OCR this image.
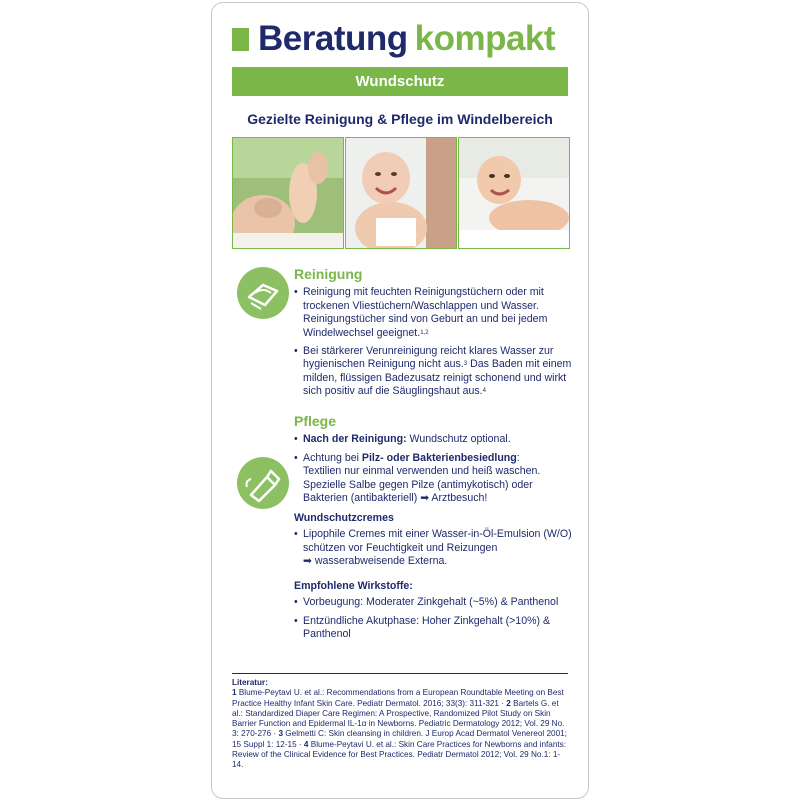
Beratung kompakt
Wundschutz
Gezielte Reinigung & Pflege im Windelbereich
Reinigung
• Reinigung mit feuchten Reinigungstüchern oder mit trockenen Vliestüchern/Waschlappen und Wasser. Reinigungstücher sind von Geburt an und bei jedem Windelwechsel geeignet.$^{1,2}$
• Bei stärkerer Verunreinigung reicht klares Wasser zur hygienischen Reinigung nicht aus.$^3$ Das Baden mit einem milden, flüssigen Badezusatz reinigt schonend und wirkt sich positiv auf die Säuglingshaut aus.$^4$
Pflege
• Nach der Reinigung: Wundschutz optional.
• Achtung bei Pilz- oder Bakterienbesiedlung:
Textilien nur einmal verwenden und heiß waschen.
Spezielle Salbe gegen Pilze (antimykotisch) oder Bakterien (antibakteriell) ➡ Arztbesuch!
Wundschutzcremes
• Lipophile Cremes mit einer Wasser-in-Öl-Emulsion (W/O) schützen vor Feuchtigkeit und Reizungen
➡ wasserabweisende Externa.
Empfohlene Wirkstoffe:
• Vorbeugung: Moderater Zinkgehalt (~5%) & Panthenol
• Entzündliche Akutphase: Hoher Zinkgehalt (>10%) & Panthenol
Literatur:
1 Blume-Peytavi U. et al.: Recommendations from a European Roundtable Meeting on Best Practice Healthy Infant Skin Care. Pediatr Dermatol. 2016; 33(3): 311-321 · 2 Bartels G. et al.: Standardized Diaper Care Regimen: A Prospective, Randomized Pilot Study on Skin Barrier Function and Epidermal IL-1α in Newborns. Pediatric Dermatology 2012; Vol. 29 No. 3: 270-276 · 3 Gelmetti C: Skin cleansing in children. J Europ Acad Dermatol Venereol 2001; 15 Suppl 1: 12-15 · 4 Blume-Peytavi U. et al.: Skin Care Practices for Newborns and infants: Review of the Clinical Evidence for Best Practices. Pediatr Dermatol 2012; Vol. 29 No.1: 1-14.
